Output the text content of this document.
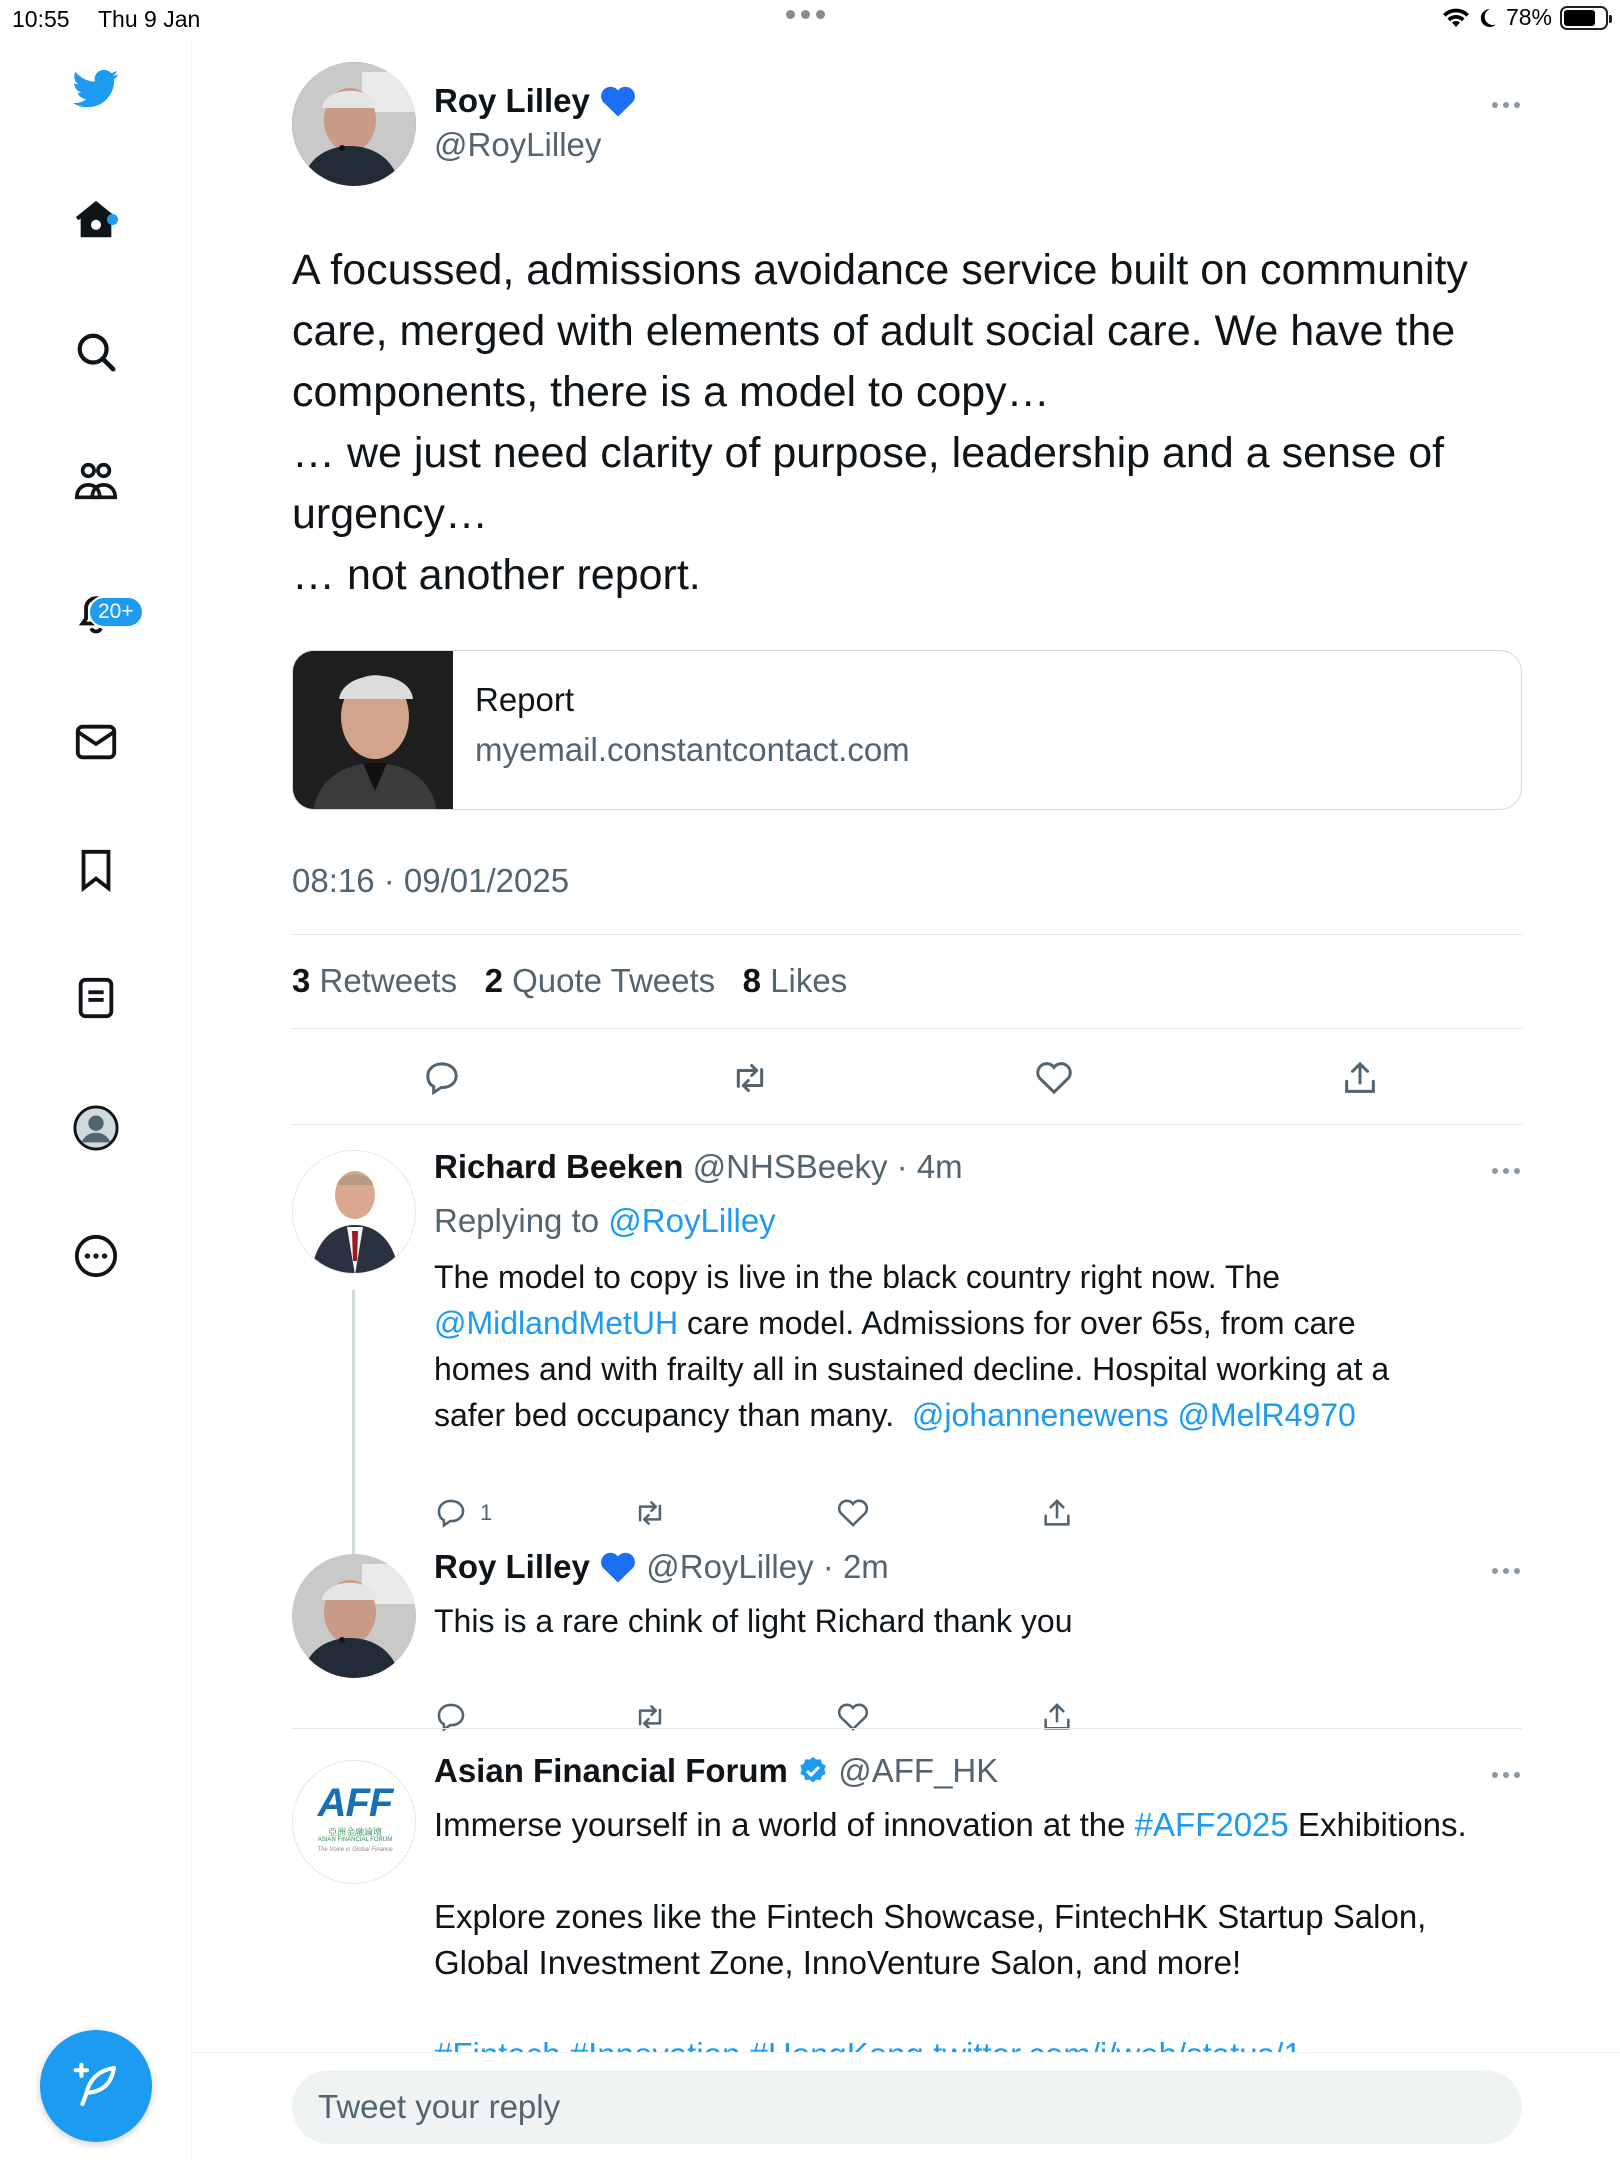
10:55 Thu 9 Jan	78%
20+
Roy Lilley
@RoyLilley
A focussed, admissions avoidance service built on community care, merged with elements of adult social care. We have the components, there is a model to copy…
… we just need clarity of purpose, leadership and a sense of urgency…
… not another report.
Report
myemail.constantcontact.com
08:16 · 09/01/2025
3 Retweets 2 Quote Tweets 8 Likes
Richard Beeken @NHSBeeky · 4m
Replying to @RoyLilley
The model to copy is live in the black country right now. The
@MidlandMetUH care model. Admissions for over 65s, from care
homes and with frailty all in sustained decline. Hospital working at a
safer bed occupancy than many.  @johannenewens @MelR4970
1
Roy Lilley @RoyLilley · 2m
This is a rare chink of light Richard thank you
AFF
亞洲金融論壇
ASIAN FINANCIAL FORUM
The Voice in Global Finance
Asian Financial Forum @AFF_HK
Immerse yourself in a world of innovation at the #AFF2025 Exhibitions.
Explore zones like the Fintech Showcase, FintechHK Startup Salon,
Global Investment Zone, InnoVenture Salon, and more!
Tweet your reply
